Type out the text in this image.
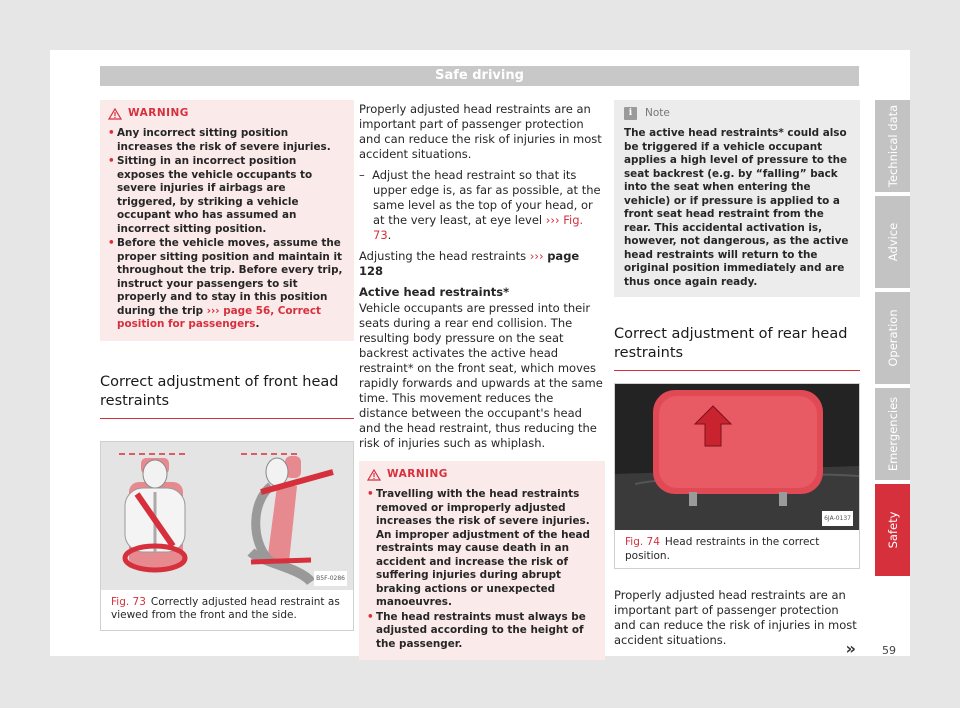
Safe driving
WARNING
• Any incorrect sitting position increases the risk of severe injuries.
• Sitting in an incorrect position exposes the vehicle occupants to severe injuries if airbags are triggered, by striking a vehicle occupant who has assumed an incorrect sitting position.
• Before the vehicle moves, assume the proper sitting position and maintain it throughout the trip. Before every trip, instruct your passengers to sit properly and to stay in this position during the trip ››› page 56, Correct position for passengers.
Correct adjustment of front head restraints
B5F-0286
Fig. 73 Correctly adjusted head restraint as viewed from the front and the side.

Properly adjusted head restraints are an important part of passenger protection and can reduce the risk of injuries in most accident situations.

– Adjust the head restraint so that its upper edge is, as far as possible, at the same level as the top of your head, or at the very least, at eye level ››› Fig. 73.

Adjusting the head restraints ››› page 128

Active head restraints*

Vehicle occupants are pressed into their seats during a rear end collision. The resulting body pressure on the seat backrest activates the active head restraint* on the front seat, which moves rapidly forwards and upwards at the same time. This movement reduces the distance between the occupant's head and the head restraint, thus reducing the risk of injuries such as whiplash.

WARNING
• Travelling with the head restraints removed or improperly adjusted increases the risk of severe injuries. An improper adjustment of the head restraints may cause death in an accident and increase the risk of suffering injuries during abrupt braking actions or unexpected manoeuvres.
• The head restraints must always be adjusted according to the height of the passenger.
i	Note
The active head restraints* could also be triggered if a vehicle occupant applies a high level of pressure to the seat backrest (e.g. by “falling” back into the seat when entering the vehicle) or if pressure is applied to a front seat head restraint from the rear. This accidental activation is, however, not dangerous, as the active head restraints will return to the original position immediately and are thus once again ready.
Correct adjustment of rear head restraints
6JA-0137
Fig. 74 Head restraints in the correct position.

Properly adjusted head restraints are an important part of passenger protection and can reduce the risk of injuries in most accident situations.	»
Technical data
Advice
Operation
Emergencies
Safety
59
